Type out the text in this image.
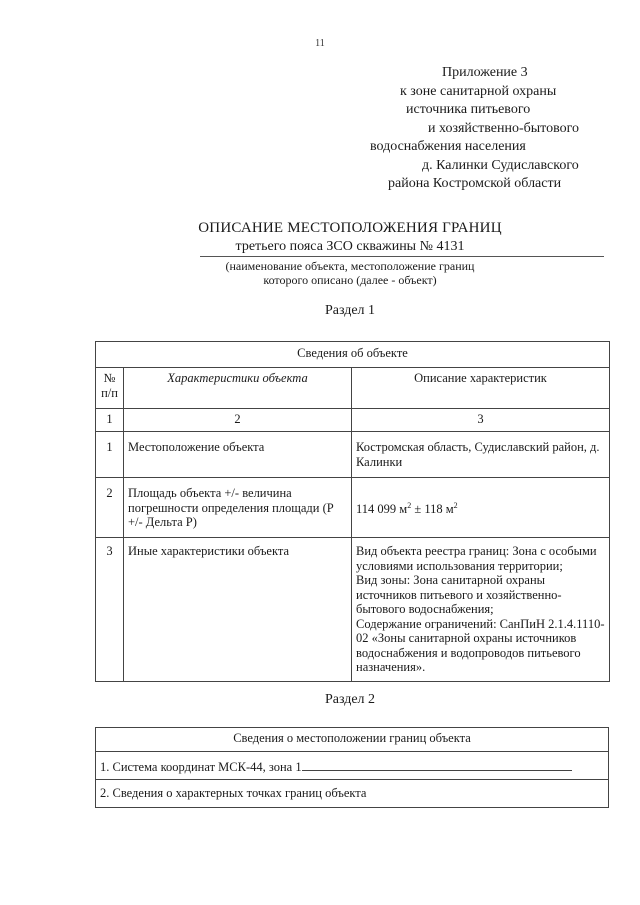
11
Приложение 3
к зоне санитарной охраны
источника питьевого
и хозяйственно-бытового
водоснабжения населения
д. Калинки Судиславского
района Костромской области
ОПИСАНИЕ МЕСТОПОЛОЖЕНИЯ ГРАНИЦ
третьего пояса ЗСО скважины № 4131
(наименование объекта, местоположение границ
которого описано (далее - объект)
Раздел 1
Сведения об объекте		
№ п/п	Характеристики объекта	Описание характеристик
1	2	3
1	Местоположение объекта	Костромская область, Судиславский район, д. Калинки
2	Площадь объекта +/- величина погрешности определения площади (Р +/- Дельта Р)	114 099 $м^2 \pm 118$ $м^2$
3	Иные характеристики объекта	Вид объекта реестра границ: Зона с особыми условиями использования территории;
Вид зоны: Зона санитарной охраны источников питьевого и хозяйственно-бытового водоснабжения;
Содержание ограничений: СанПиН 2.1.4.1110-02 «Зоны санитарной охраны источников водоснабжения и водопроводов питьевого назначения».
Раздел 2
Сведения о местоположении границ объекта
1. Система координат МСК-44, зона 1
2. Сведения о характерных точках границ объекта
